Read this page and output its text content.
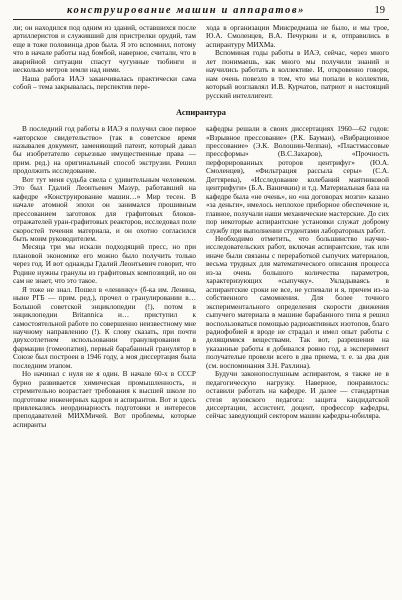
конструирование машин и аппаратов»	19

ли; он находился под одним из зданий, оставшихся после артиллеристов и служивший для пристрелки орудий, там еще в тоже половинца дров была. Я это вспомнил, потому что в начале работы над бомбой, наверное, считали, что в аварийной ситуации спасут чугунные тюбинги и несколько метров земли над ними.

Наша работа ИАЭ заканчивалась практически сама собой – тема закрывалась, перспектив пере-

хода в организации Минсредмаша не было, и мы трое, Ю.А. Смоленцев, В.А. Печуркин и я, отправились в аспирантуру МИХМа.

Вспоминая годы работы в ИАЭ, сейчас, через много лет понимаешь, как много мы получили знаний и научились работать в коллективе. И, откровенно говоря, нам очень повезло в том, что мы попали в коллектив, который возглавлял И.В. Курчатов, патриот и настоящий русский интеллигент.

Аспирантура

В последний год работы в ИАЭ я получил свое первое «авторское свидетельство» (так в советское время называлея документ, заменяющий патент, который давал бы изобретателю серьезные имущественные права — прим. ред.) на оригинальный способ экструзии. Решил продолжить исследование.

Вот тут меня судьба свела с удивительным человеком. Это был Гдалий Леонтьевич Мазур, работавший на кафедре «Конструирование машин…» Мир тесен. В начале атомной эпохи он занимался прошивным прессованием заготовок для графитовых блоков-отражателей уран-графитовых реакторов, исследовал поле скоростей течения материала, и он охотно согласился быть моим руководителем.

Месяца три мы искали подходящий пресс, но при плановой экономике его можно было получить только через год. И вот однажды Гдалий Леонтьевич говорит, что Родине нужны гранулы из графитовых композиций, но он сам не знает, что это такое.

Я тоже не знал. Пошел в «ленинку» (б-ка им. Ленина, ныне РГБ — прим. ред.), прочел о гранулировании в… Большой советской энциклопедии (!), потом в энциклопедии Britannica и… приступил к самостоятельной работе по совершенно неизвестному мне научному направлению (!). К слову сказать, при почти двухсотлетнем использовании гранулирования в фармации (гомеопатия), первый барабанный гранулятор в Союзе был построен в 1946 году, а моя диссертация была последним этапом.

Но начинал с нуля не я один. В начале 60-х в СССР бурно развивается химическая промышленность, и стремительно возрастает требования к высшей школе по подготовке инженерных кадров и аспирантов. Вот и здесь привлекались неординарность подготовки и интересов преподавателей МИХМичей. Вот проблемы, которые аспиранты

кафедры решали в своих диссертациях 1960—62 годов: «Взрывное прессование» (Р.К. Бауман), «Вибрационное прессование» (Э.К. Волошин-Челпан), «Пластмассовые прессформы» (В.С.Захаров), «Прочность перфорированных роторов центрифуг» (Ю.А. Смоленцев), «Фильтрация рассыла серы» (С.А. Дегтярева), «Исследование колебаний маятниковой центрифуги» (Б.А. Ваничкин) и т.д. Материальная база на кафедре была «не очень», но «на договорах мозги» казано «за деньги», имелось неплохое приборное обеспечение и, главное, получали наши механические мастерские. До сих пор некоторые аспирантские установки служат доброму службу при выполнении студентами лабораторных работ.

Необходимо отметить, что большинство научно-исследовательских работ, включая аспирантские, так или иначе были связаны с переработкой сыпучих материалов, весьма трудных для математического описания процесса из-за очень большого количества параметров, характеризующих «сыпучку». Укладываясь в аспирантские сроки не все, не успевали и я, причем из-за собственного самомнения. Для более точного экспериментального определения скорости движения сыпучего материала в машине барабанного типа я решил воспользоваться помощью радиоактивных изотопов, благо радиофобией я вроде не страдал и имел опыт работы с делящимися веществами. Так вот, разрешения на указанные работы я добивался ровно год, а эксперимент получателые провели всего в два приема, т. е. за два дня (см. воспоминания З.Н. Рахлина).

Будучи законопослушным аспирантом, я также не в педагогическую нагрузку. Наверное, понравилось: оставили работать на кафедре. И далее — стандартная стезя вузовского педагога: защита кандидатской диссертации, ассистент, доцент, профессор кафедры, сейчас заведующий сектором машин кафедры-юбиляра.
